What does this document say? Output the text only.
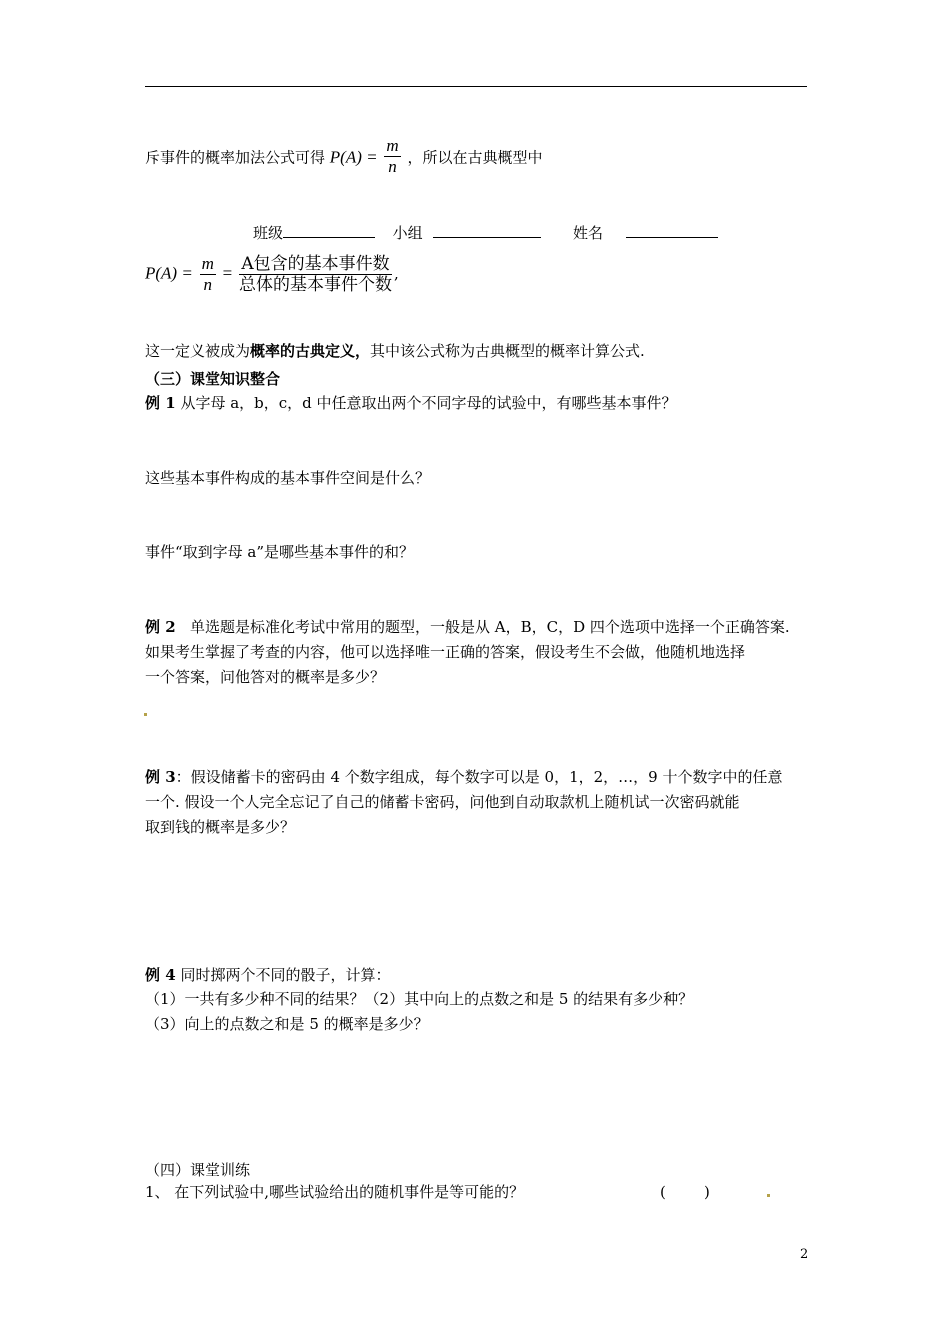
斥事件的概率加法公式可得 $P(A) = \frac{m}{n}$ ，所以在古典概型中
班级	小组	姓名
$P(A) = \frac{m}{n} = \frac{\text{A包含的基本事件数}}{\text{总体的基本事件个数}}$ ,
这一定义被成为概率的古典定义，其中该公式称为古典概型的概率计算公式.
（三）课堂知识整合
例 1 从字母 a，b，c，d 中任意取出两个不同字母的试验中，有哪些基本事件？
这些基本事件构成的基本事件空间是什么？
事件“取到字母 a”是哪些基本事件的和？
例 2   单选题是标准化考试中常用的题型，一般是从 A，B，C，D 四个选项中选择一个正确答案.
如果考生掌握了考查的内容，他可以选择唯一正确的答案，假设考生不会做，他随机地选择
一个答案，问他答对的概率是多少？
例 3：假设储蓄卡的密码由 4 个数字组成，每个数字可以是 0，1，2，…，9 十个数字中的任意
一个. 假设一个人完全忘记了自己的储蓄卡密码，问他到自动取款机上随机试一次密码就能
取到钱的概率是多少？
例 4 同时掷两个不同的骰子，计算：
（1）一共有多少种不同的结果？（2）其中向上的点数之和是 5 的结果有多少种？
（3）向上的点数之和是 5 的概率是多少？
（四）课堂训练
1、 在下列试验中,哪些试验给出的随机事件是等可能的？	(        )
2
